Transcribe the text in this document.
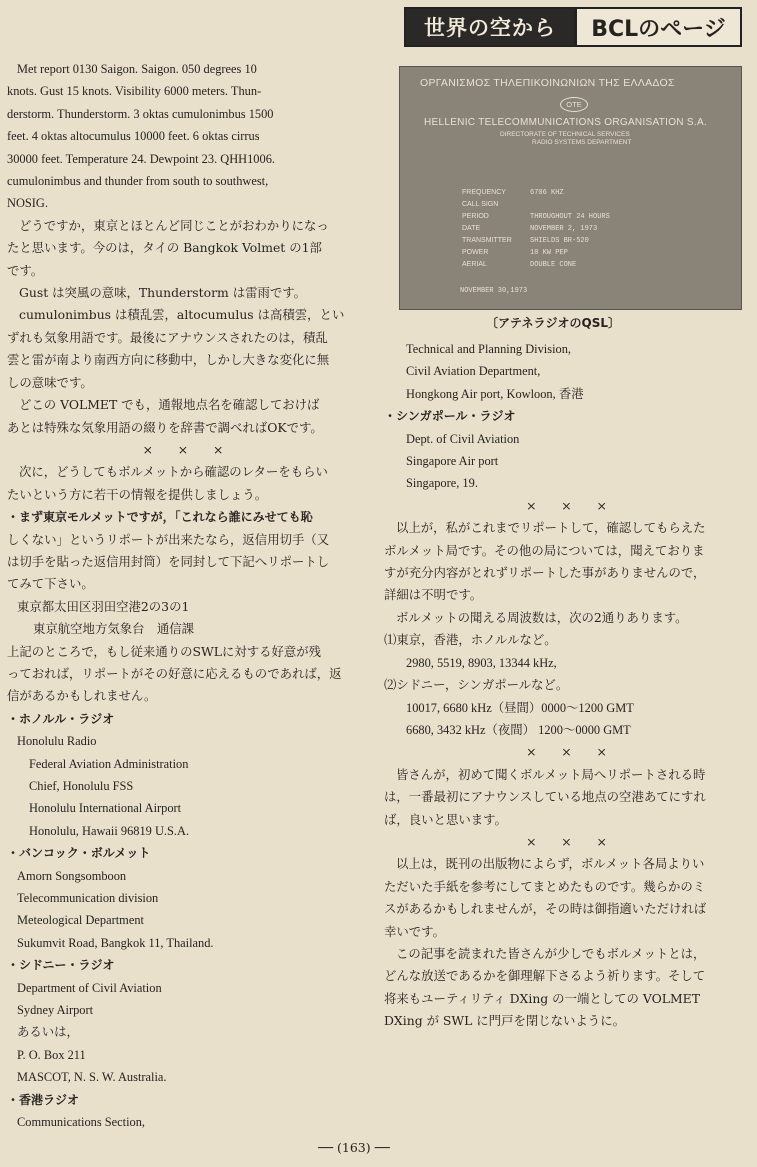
世界の空から	BCLのページ
ΟΡΓΑΝΙΣΜΟΣ ΤΗΛΕΠΙΚΟΙΝΩΝΙΩΝ ΤΗΣ ΕΛΛΑΔΟΣ
OTE
HELLENIC TELECOMMUNICATIONS ORGANISATION S.A.
DIRECTORATE OF TECHNICAL SERVICES
RADIO SYSTEMS DEPARTMENT
FREQUENCY
CALL SIGN
PERIOD
DATE
TRANSMITTER
POWER
AERIAL
6706 KHZ
THROUGHOUT 24 HOURS
NOVEMBER 2, 1973
SHIELDS BR-520
10 KW PEP
DOUBLE CONE
NOVEMBER 30,1973
〔アテネラジオのQSL〕

Met report 0130 Saigon. Saigon. 050 degrees 10

knots. Gust 15 knots. Visibility 6000 meters. Thun-

derstorm. Thunderstorm. 3 oktas cumulonimbus 1500

feet. 4 oktas altocumulus 10000 feet. 6 oktas cirrus

30000 feet. Temperature 24. Dewpoint 23. QHH1006.

cumulonimbus and thunder from south to southwest,

NOSIG.

どうですか，東京とほとんど同じことがおわかりになっ

たと思います。今のは，タイの Bangkok Volmet の1部

です。

Gust は突風の意味，Thunderstorm は雷雨です。

cumulonimbus は積乱雲，altocumulus は高積雲，とい

ずれも気象用語です。最後にアナウンスされたのは，積乱

雲と雷が南より南西方向に移動中，しかし大きな変化に無

しの意味です。

どこの VOLMET でも，通報地点名を確認しておけば

あとは特殊な気象用語の綴りを辞書で調べればOKです。

×　　×　　×

次に，どうしてもボルメットから確認のレターをもらい

たいという方に若干の情報を提供しましょう。

・まず東京モルメットですが，「これなら誰にみせても恥

しくない」というリポートが出来たなら，返信用切手（又

は切手を貼った返信用封筒）を同封して下記へリポートし

てみて下さい。

東京都太田区羽田空港2の3の1

東京航空地方気象台　通信課

上記のところで，もし従来通りのSWLに対する好意が残

っておれば，リポートがその好意に応えるものであれば，返

信があるかもしれません。

・ホノルル・ラジオ

Honolulu Radio

Federal Aviation Administration

Chief, Honolulu FSS

Honolulu International Airport

Honolulu, Hawaii 96819 U.S.A.

・バンコック・ボルメット

Amorn Songsomboon

Telecommunication division

Meteological Department

Sukumvit Road, Bangkok 11, Thailand.

・シドニー・ラジオ

Department of Civil Aviation

Sydney Airport

あるいは，

P. O. Box 211

MASCOT, N. S. W. Australia.

・香港ラジオ

Communications Section,

Technical and Planning Division,

Civil Aviation Department,

Hongkong Air port, Kowloon, 香港

・シンガポール・ラジオ

Dept. of Civil Aviation

Singapore Air port

Singapore, 19.

×　　×　　×

以上が，私がこれまでリポートして，確認してもらえた

ボルメット局です。その他の局については，聞えておりま

すが充分内容がとれずリポートした事がありませんので，

詳細は不明です。

ボルメットの聞える周波数は，次の2通りあります。

⑴東京，香港，ホノルルなど。

2980, 5519, 8903, 13344 kHz,

⑵シドニー，シンガポールなど。

10017, 6680 kHz（昼間）0000～1200 GMT

6680, 3432 kHz（夜間） 1200～0000 GMT

×　　×　　×

皆さんが，初めて聞くボルメット局へリポートされる時

は，一番最初にアナウンスしている地点の空港あてにすれ

ば，良いと思います。

×　　×　　×

以上は，既刊の出版物によらず，ボルメット各局よりい

ただいた手紙を参考にしてまとめたものです。幾らかのミ

スがあるかもしれませんが，その時は御指適いただければ

幸いです。

この記事を読まれた皆さんが少しでもボルメットとは，

どんな放送であるかを御理解下さるよう祈ります。そして

将来もユーティリティ DXing の一端としての VOLMET

DXing が SWL に門戸を閉じないように。

── (163) ──
